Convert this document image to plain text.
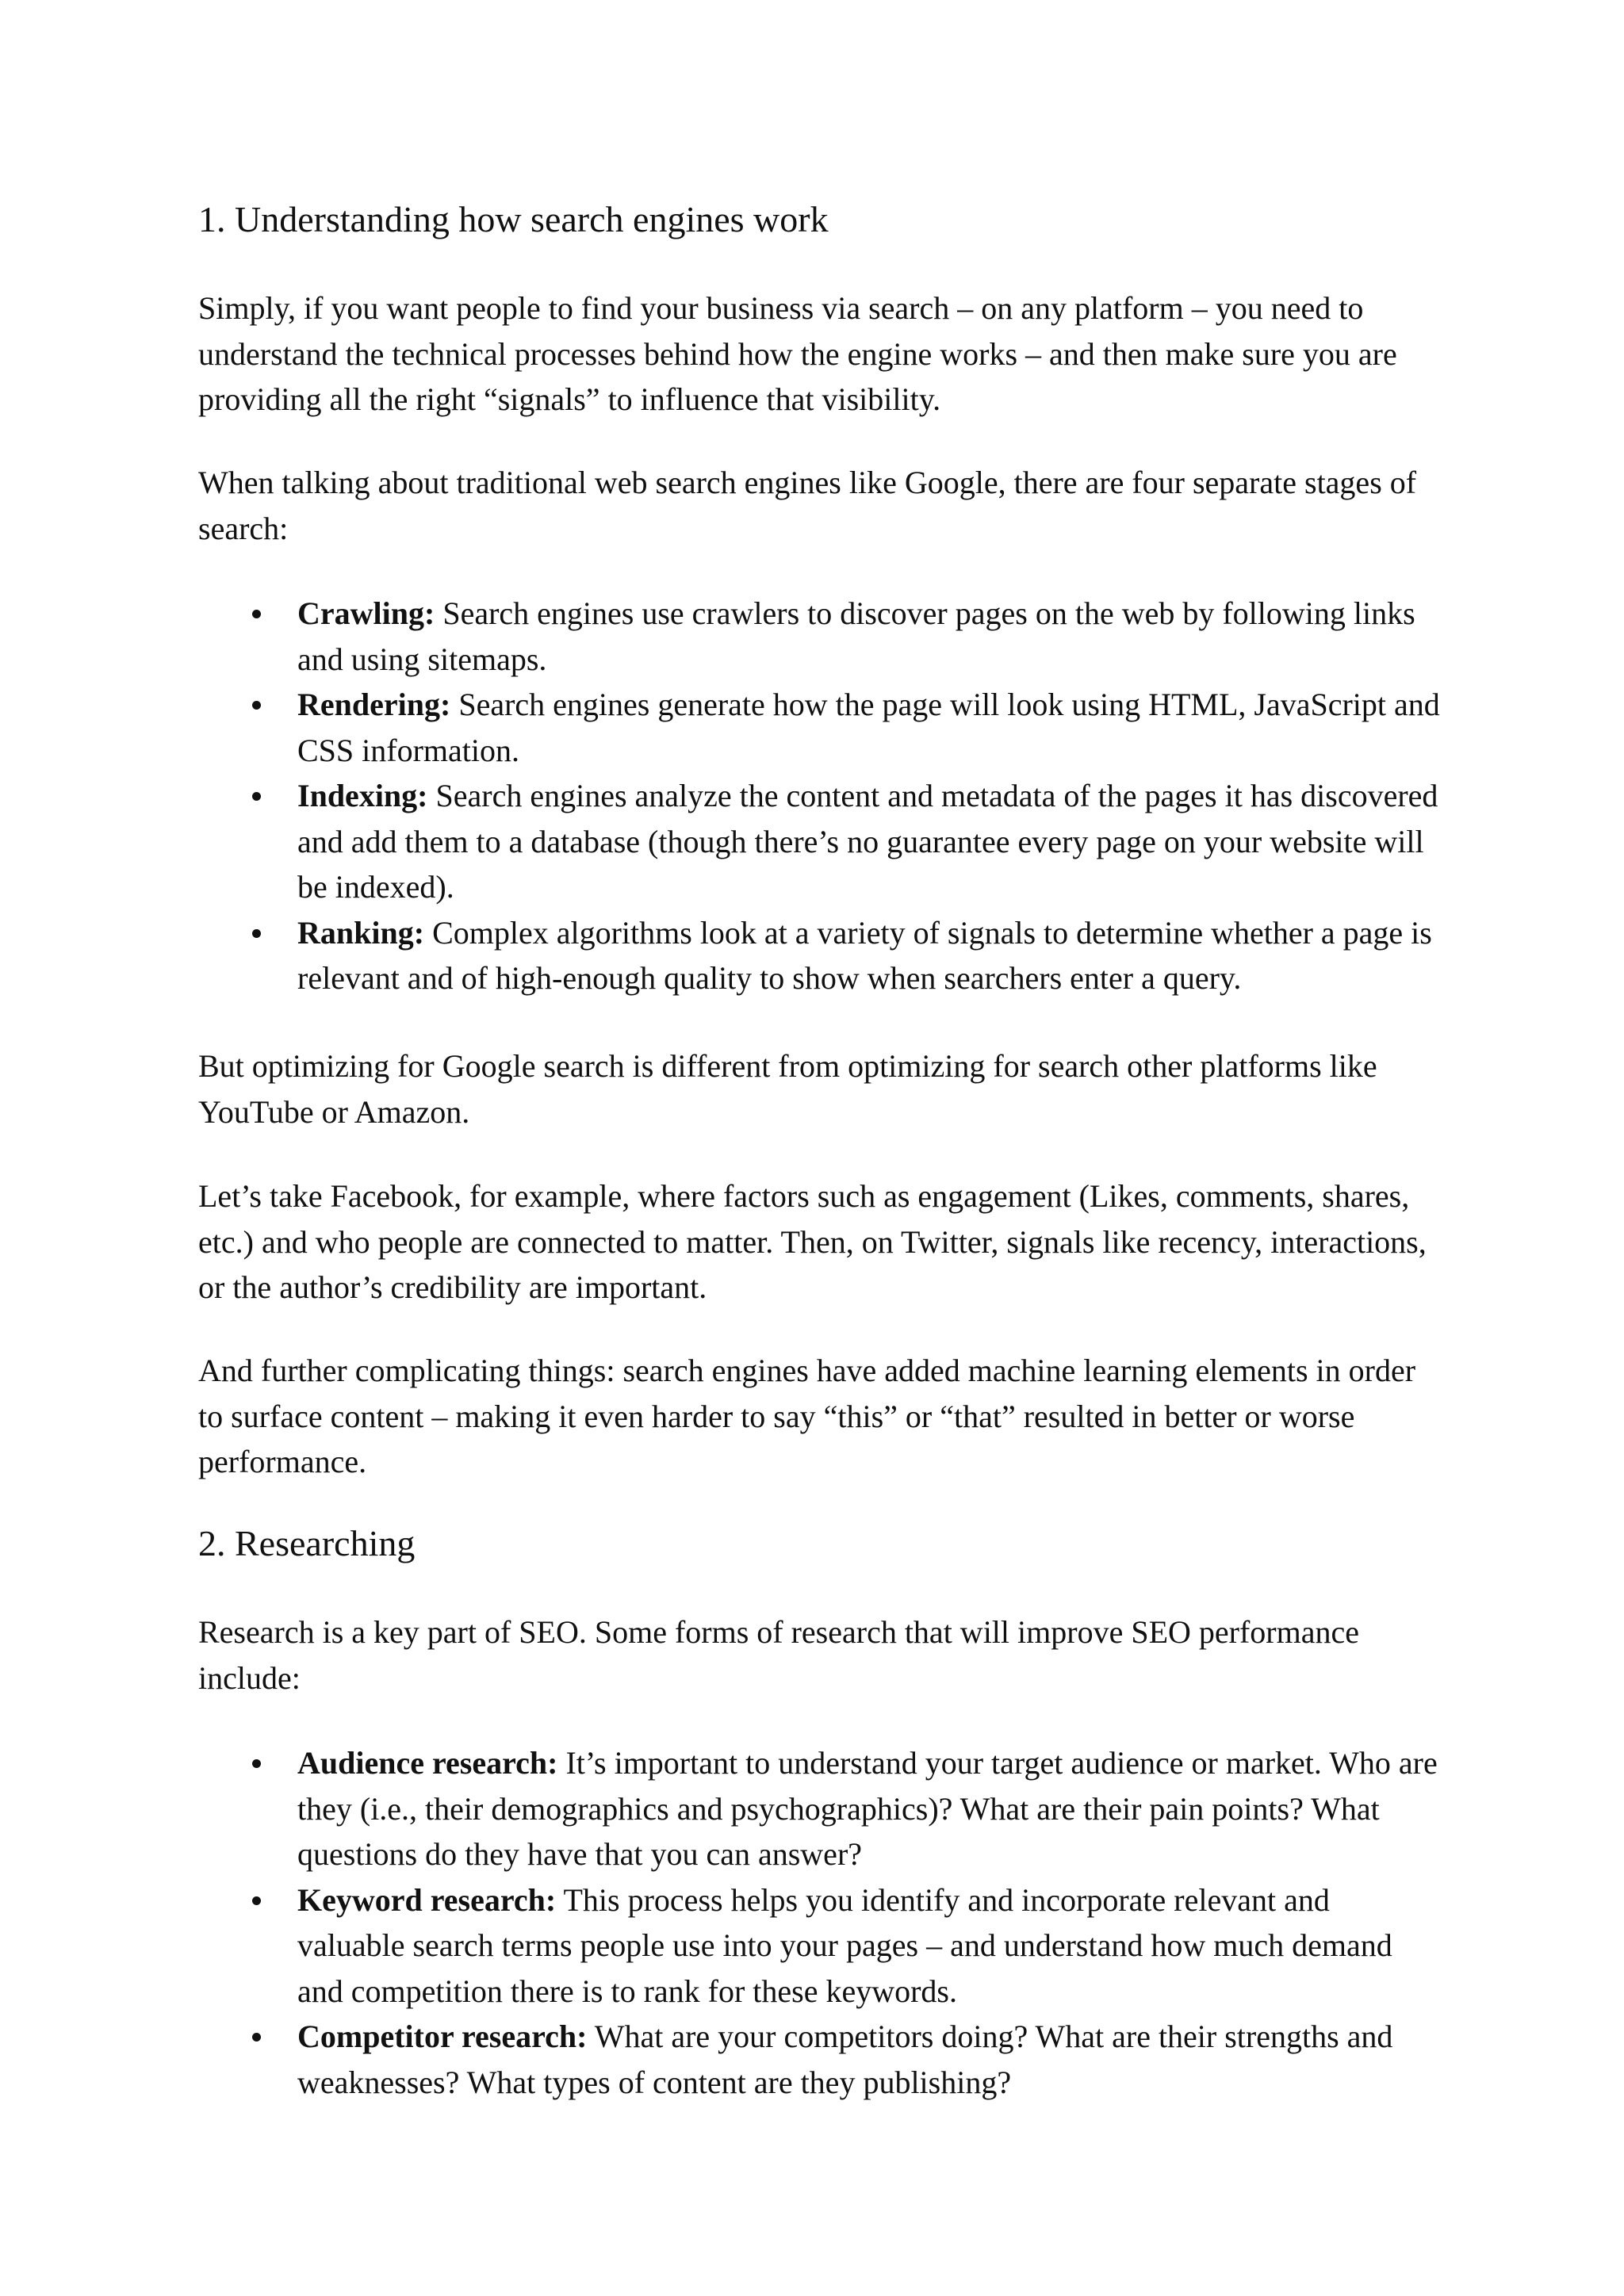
1. Understanding how search engines work

Simply, if you want people to find your business via search – on any platform – you need to understand the technical processes behind how the engine works – and then make sure you are providing all the right “signals” to influence that visibility.

When talking about traditional web search engines like Google, there are four separate stages of search:

Crawling: Search engines use crawlers to discover pages on the web by following links and using sitemaps.
Rendering: Search engines generate how the page will look using HTML, JavaScript and CSS information.
Indexing: Search engines analyze the content and metadata of the pages it has discovered and add them to a database (though there’s no guarantee every page on your website will be indexed).
Ranking: Complex algorithms look at a variety of signals to determine whether a page is relevant and of high-enough quality to show when searchers enter a query.

But optimizing for Google search is different from optimizing for search other platforms like YouTube or Amazon.

Let’s take Facebook, for example, where factors such as engagement (Likes, comments, shares, etc.) and who people are connected to matter. Then, on Twitter, signals like recency, interactions, or the author’s credibility are important.

And further complicating things: search engines have added machine learning elements in order to surface content – making it even harder to say “this” or “that” resulted in better or worse performance.

2. Researching

Research is a key part of SEO. Some forms of research that will improve SEO performance include:

Audience research: It’s important to understand your target audience or market. Who are they (i.e., their demographics and psychographics)? What are their pain points? What questions do they have that you can answer?
Keyword research: This process helps you identify and incorporate relevant and valuable search terms people use into your pages – and understand how much demand and competition there is to rank for these keywords.
Competitor research: What are your competitors doing? What are their strengths and weaknesses? What types of content are they publishing?
